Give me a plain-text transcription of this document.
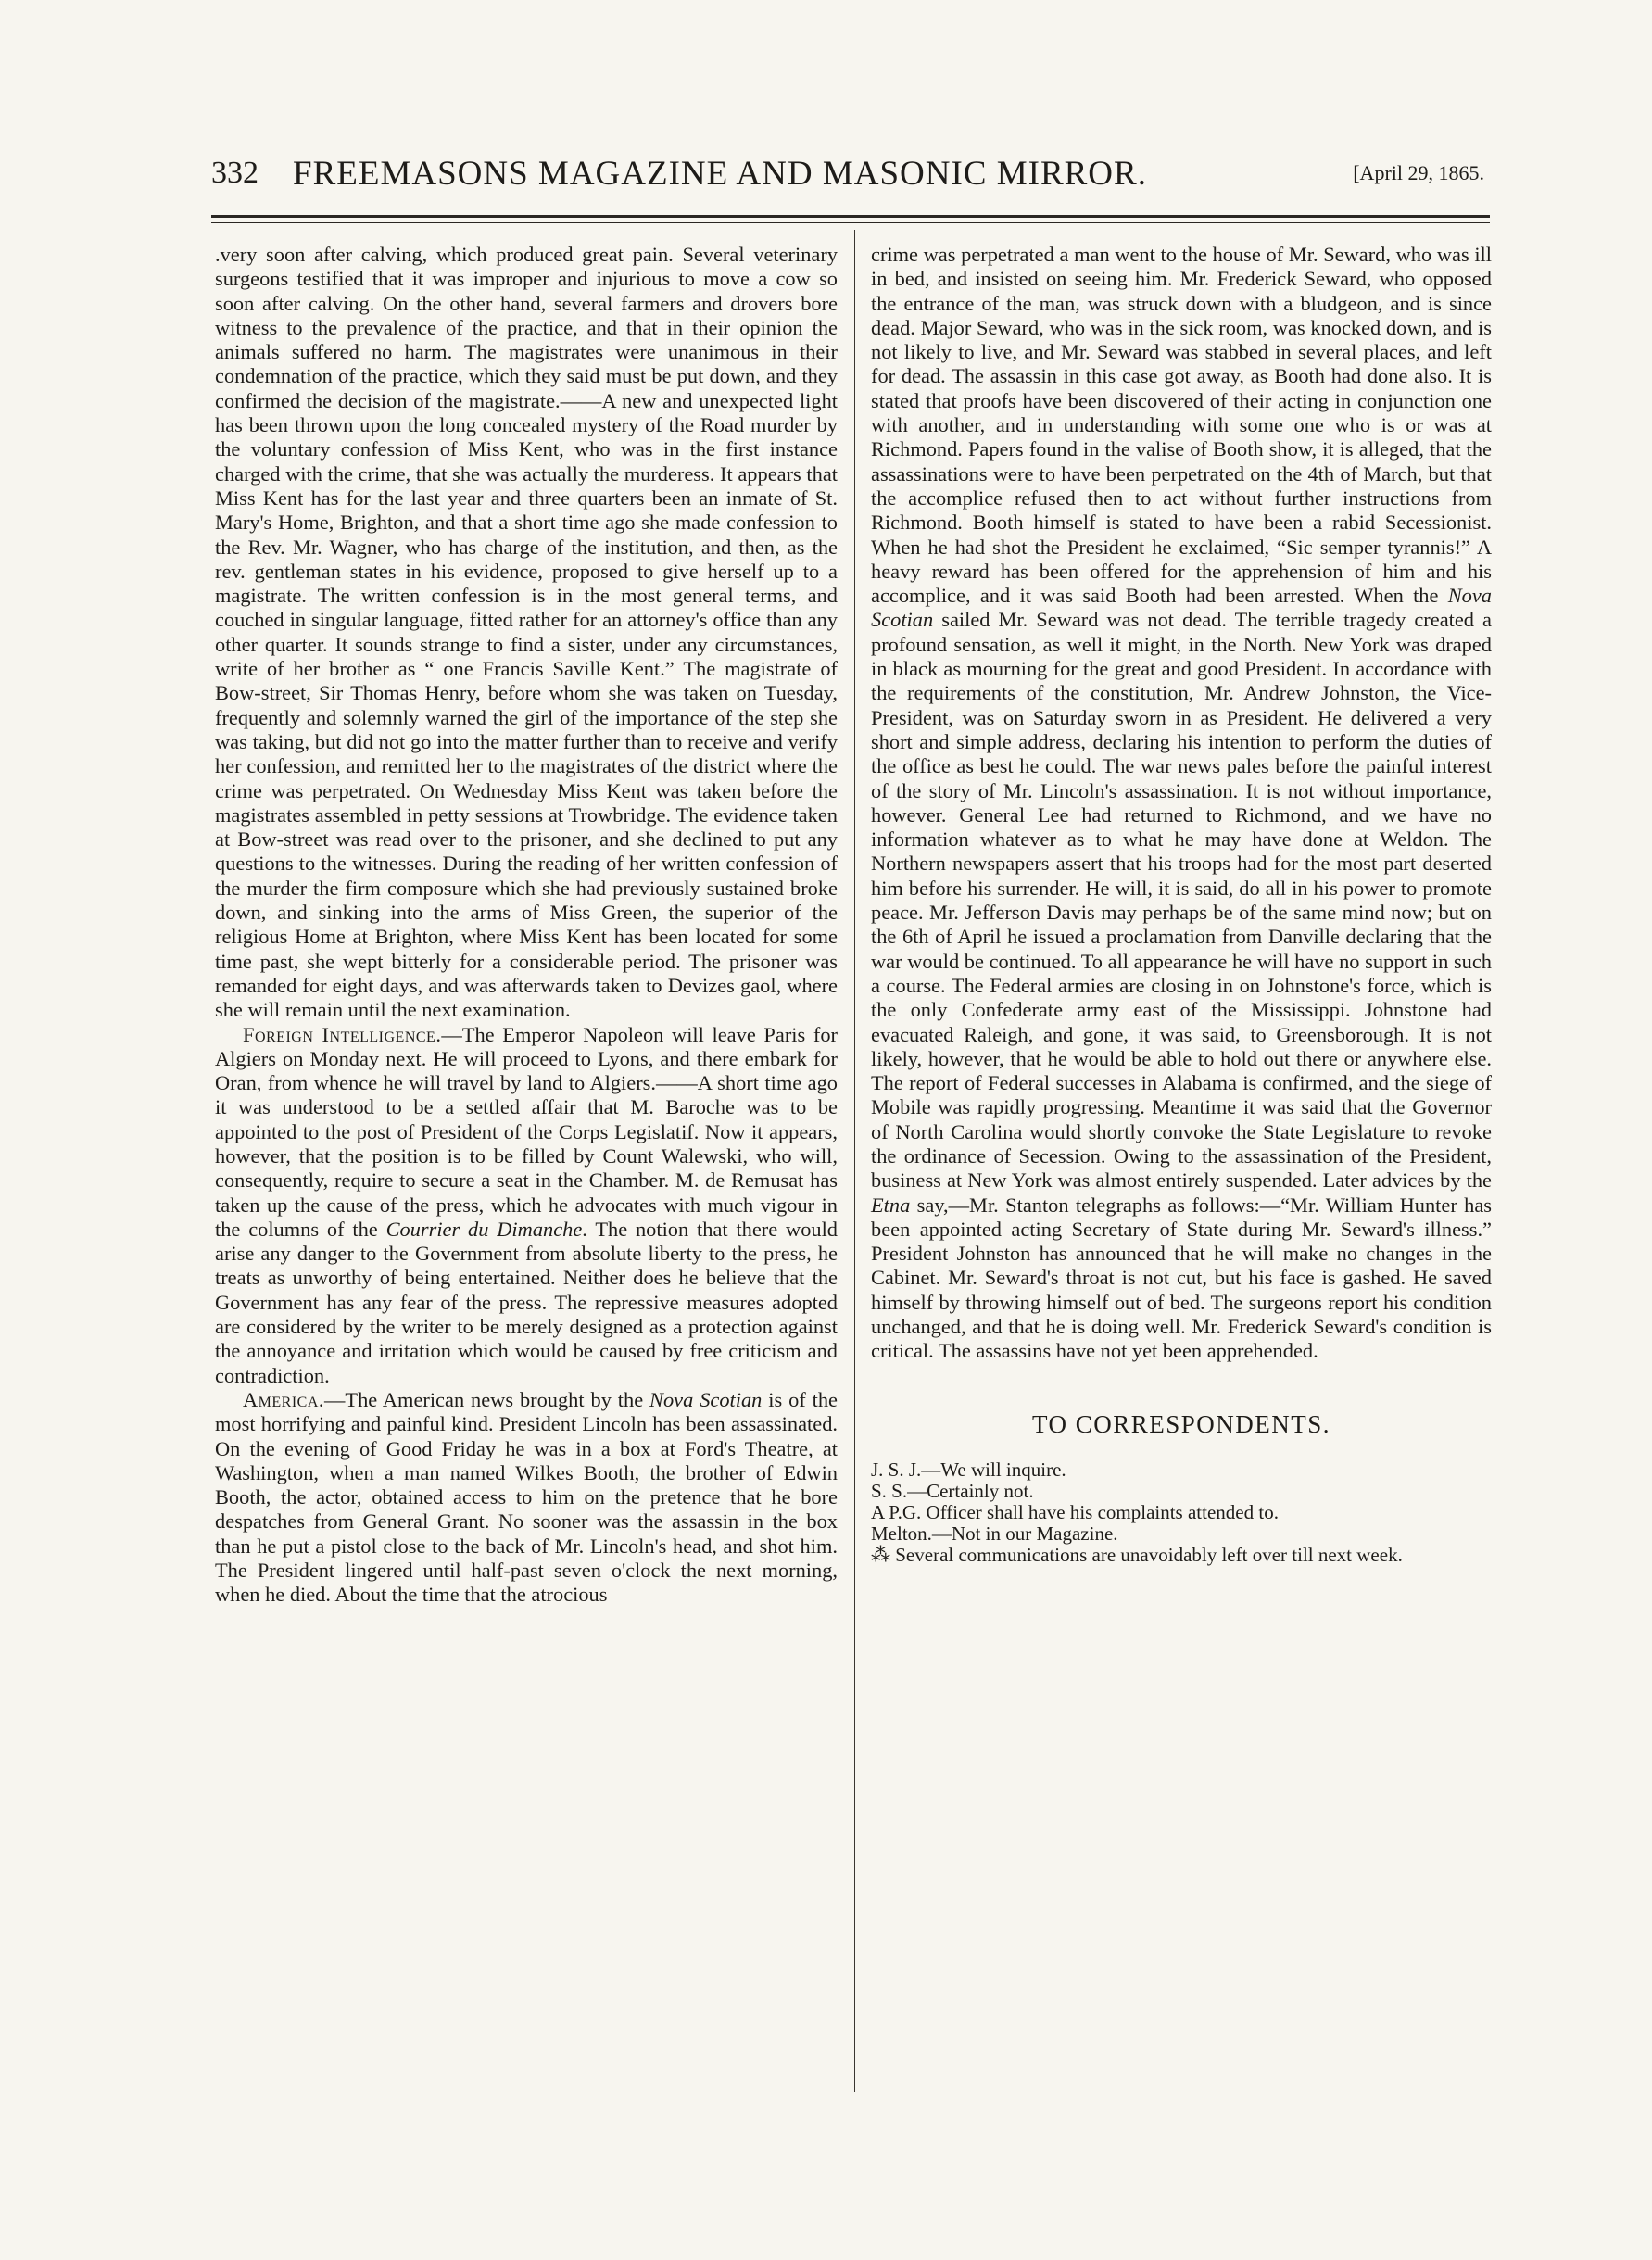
332 FREEMASONS MAGAZINE AND MASONIC MIRROR.	[April 29, 1865.

.very soon after calving, which produced great pain. Several veterinary surgeons testified that it was improper and injurious to move a cow so soon after calving. On the other hand, several farmers and drovers bore witness to the prevalence of the practice, and that in their opinion the animals suffered no harm. The magistrates were unanimous in their condemnation of the practice, which they said must be put down, and they confirmed the decision of the magistrate.——A new and unexpected light has been thrown upon the long concealed mystery of the Road murder by the voluntary confession of Miss Kent, who was in the first instance charged with the crime, that she was actually the murderess. It appears that Miss Kent has for the last year and three quarters been an inmate of St. Mary's Home, Brighton, and that a short time ago she made confession to the Rev. Mr. Wagner, who has charge of the institution, and then, as the rev. gentleman states in his evidence, proposed to give herself up to a magistrate. The written confession is in the most general terms, and couched in singular language, fitted rather for an attorney's office than any other quarter. It sounds strange to find a sister, under any circumstances, write of her brother as “ one Francis Saville Kent.” The magistrate of Bow-street, Sir Thomas Henry, before whom she was taken on Tuesday, frequently and solemnly warned the girl of the importance of the step she was taking, but did not go into the matter further than to receive and verify her confession, and remitted her to the magistrates of the district where the crime was perpetrated. On Wednesday Miss Kent was taken before the magistrates assembled in petty sessions at Trowbridge. The evidence taken at Bow-street was read over to the prisoner, and she declined to put any questions to the witnesses. During the reading of her written confession of the murder the firm composure which she had previously sustained broke down, and sinking into the arms of Miss Green, the superior of the religious Home at Brighton, where Miss Kent has been located for some time past, she wept bitterly for a considerable period. The prisoner was remanded for eight days, and was afterwards taken to Devizes gaol, where she will remain until the next examination.

Foreign Intelligence.—The Emperor Napoleon will leave Paris for Algiers on Monday next. He will proceed to Lyons, and there embark for Oran, from whence he will travel by land to Algiers.——A short time ago it was understood to be a settled affair that M. Baroche was to be appointed to the post of President of the Corps Legislatif. Now it appears, however, that the position is to be filled by Count Walewski, who will, consequently, require to secure a seat in the Chamber. M. de Remusat has taken up the cause of the press, which he advocates with much vigour in the columns of the Courrier du Dimanche. The notion that there would arise any danger to the Government from absolute liberty to the press, he treats as unworthy of being entertained. Neither does he believe that the Government has any fear of the press. The repressive measures adopted are considered by the writer to be merely designed as a protection against the annoyance and irritation which would be caused by free criticism and contradiction.

America.—The American news brought by the Nova Scotian is of the most horrifying and painful kind. President Lincoln has been assassinated. On the evening of Good Friday he was in a box at Ford's Theatre, at Washington, when a man named Wilkes Booth, the brother of Edwin Booth, the actor, obtained access to him on the pretence that he bore despatches from General Grant. No sooner was the assassin in the box than he put a pistol close to the back of Mr. Lincoln's head, and shot him. The President lingered until half-past seven o'clock the next morning, when he died. About the time that the atrocious

crime was perpetrated a man went to the house of Mr. Seward, who was ill in bed, and insisted on seeing him. Mr. Frederick Seward, who opposed the entrance of the man, was struck down with a bludgeon, and is since dead. Major Seward, who was in the sick room, was knocked down, and is not likely to live, and Mr. Seward was stabbed in several places, and left for dead. The assassin in this case got away, as Booth had done also. It is stated that proofs have been discovered of their acting in conjunction one with another, and in understanding with some one who is or was at Richmond. Papers found in the valise of Booth show, it is alleged, that the assassinations were to have been perpetrated on the 4th of March, but that the accomplice refused then to act without further instructions from Richmond. Booth himself is stated to have been a rabid Secessionist. When he had shot the President he exclaimed, “Sic semper tyrannis!” A heavy reward has been offered for the apprehension of him and his accomplice, and it was said Booth had been arrested. When the Nova Scotian sailed Mr. Seward was not dead. The terrible tragedy created a profound sensation, as well it might, in the North. New York was draped in black as mourning for the great and good President. In accordance with the requirements of the constitution, Mr. Andrew Johnston, the Vice-President, was on Saturday sworn in as President. He delivered a very short and simple address, declaring his intention to perform the duties of the office as best he could. The war news pales before the painful interest of the story of Mr. Lincoln's assassination. It is not without importance, however. General Lee had returned to Richmond, and we have no information whatever as to what he may have done at Weldon. The Northern newspapers assert that his troops had for the most part deserted him before his surrender. He will, it is said, do all in his power to promote peace. Mr. Jefferson Davis may perhaps be of the same mind now; but on the 6th of April he issued a proclamation from Danville declaring that the war would be continued. To all appearance he will have no support in such a course. The Federal armies are closing in on Johnstone's force, which is the only Confederate army east of the Mississippi. Johnstone had evacuated Raleigh, and gone, it was said, to Greensborough. It is not likely, however, that he would be able to hold out there or anywhere else. The report of Federal successes in Alabama is confirmed, and the siege of Mobile was rapidly progressing. Meantime it was said that the Governor of North Carolina would shortly convoke the State Legislature to revoke the ordinance of Secession. Owing to the assassination of the President, business at New York was almost entirely suspended. Later advices by the Etna say,—Mr. Stanton telegraphs as follows:—“Mr. William Hunter has been appointed acting Secretary of State during Mr. Seward's illness.” President Johnston has announced that he will make no changes in the Cabinet. Mr. Seward's throat is not cut, but his face is gashed. He saved himself by throwing himself out of bed. The surgeons report his condition unchanged, and that he is doing well. Mr. Frederick Seward's condition is critical. The assassins have not yet been apprehended.

TO CORRESPONDENTS.
J. S. J.—We will inquire.
S. S.—Certainly not.
A P.G. Officer shall have his complaints attended to.
Melton.—Not in our Magazine.
⁂ Several communications are unavoidably left over till next week.
